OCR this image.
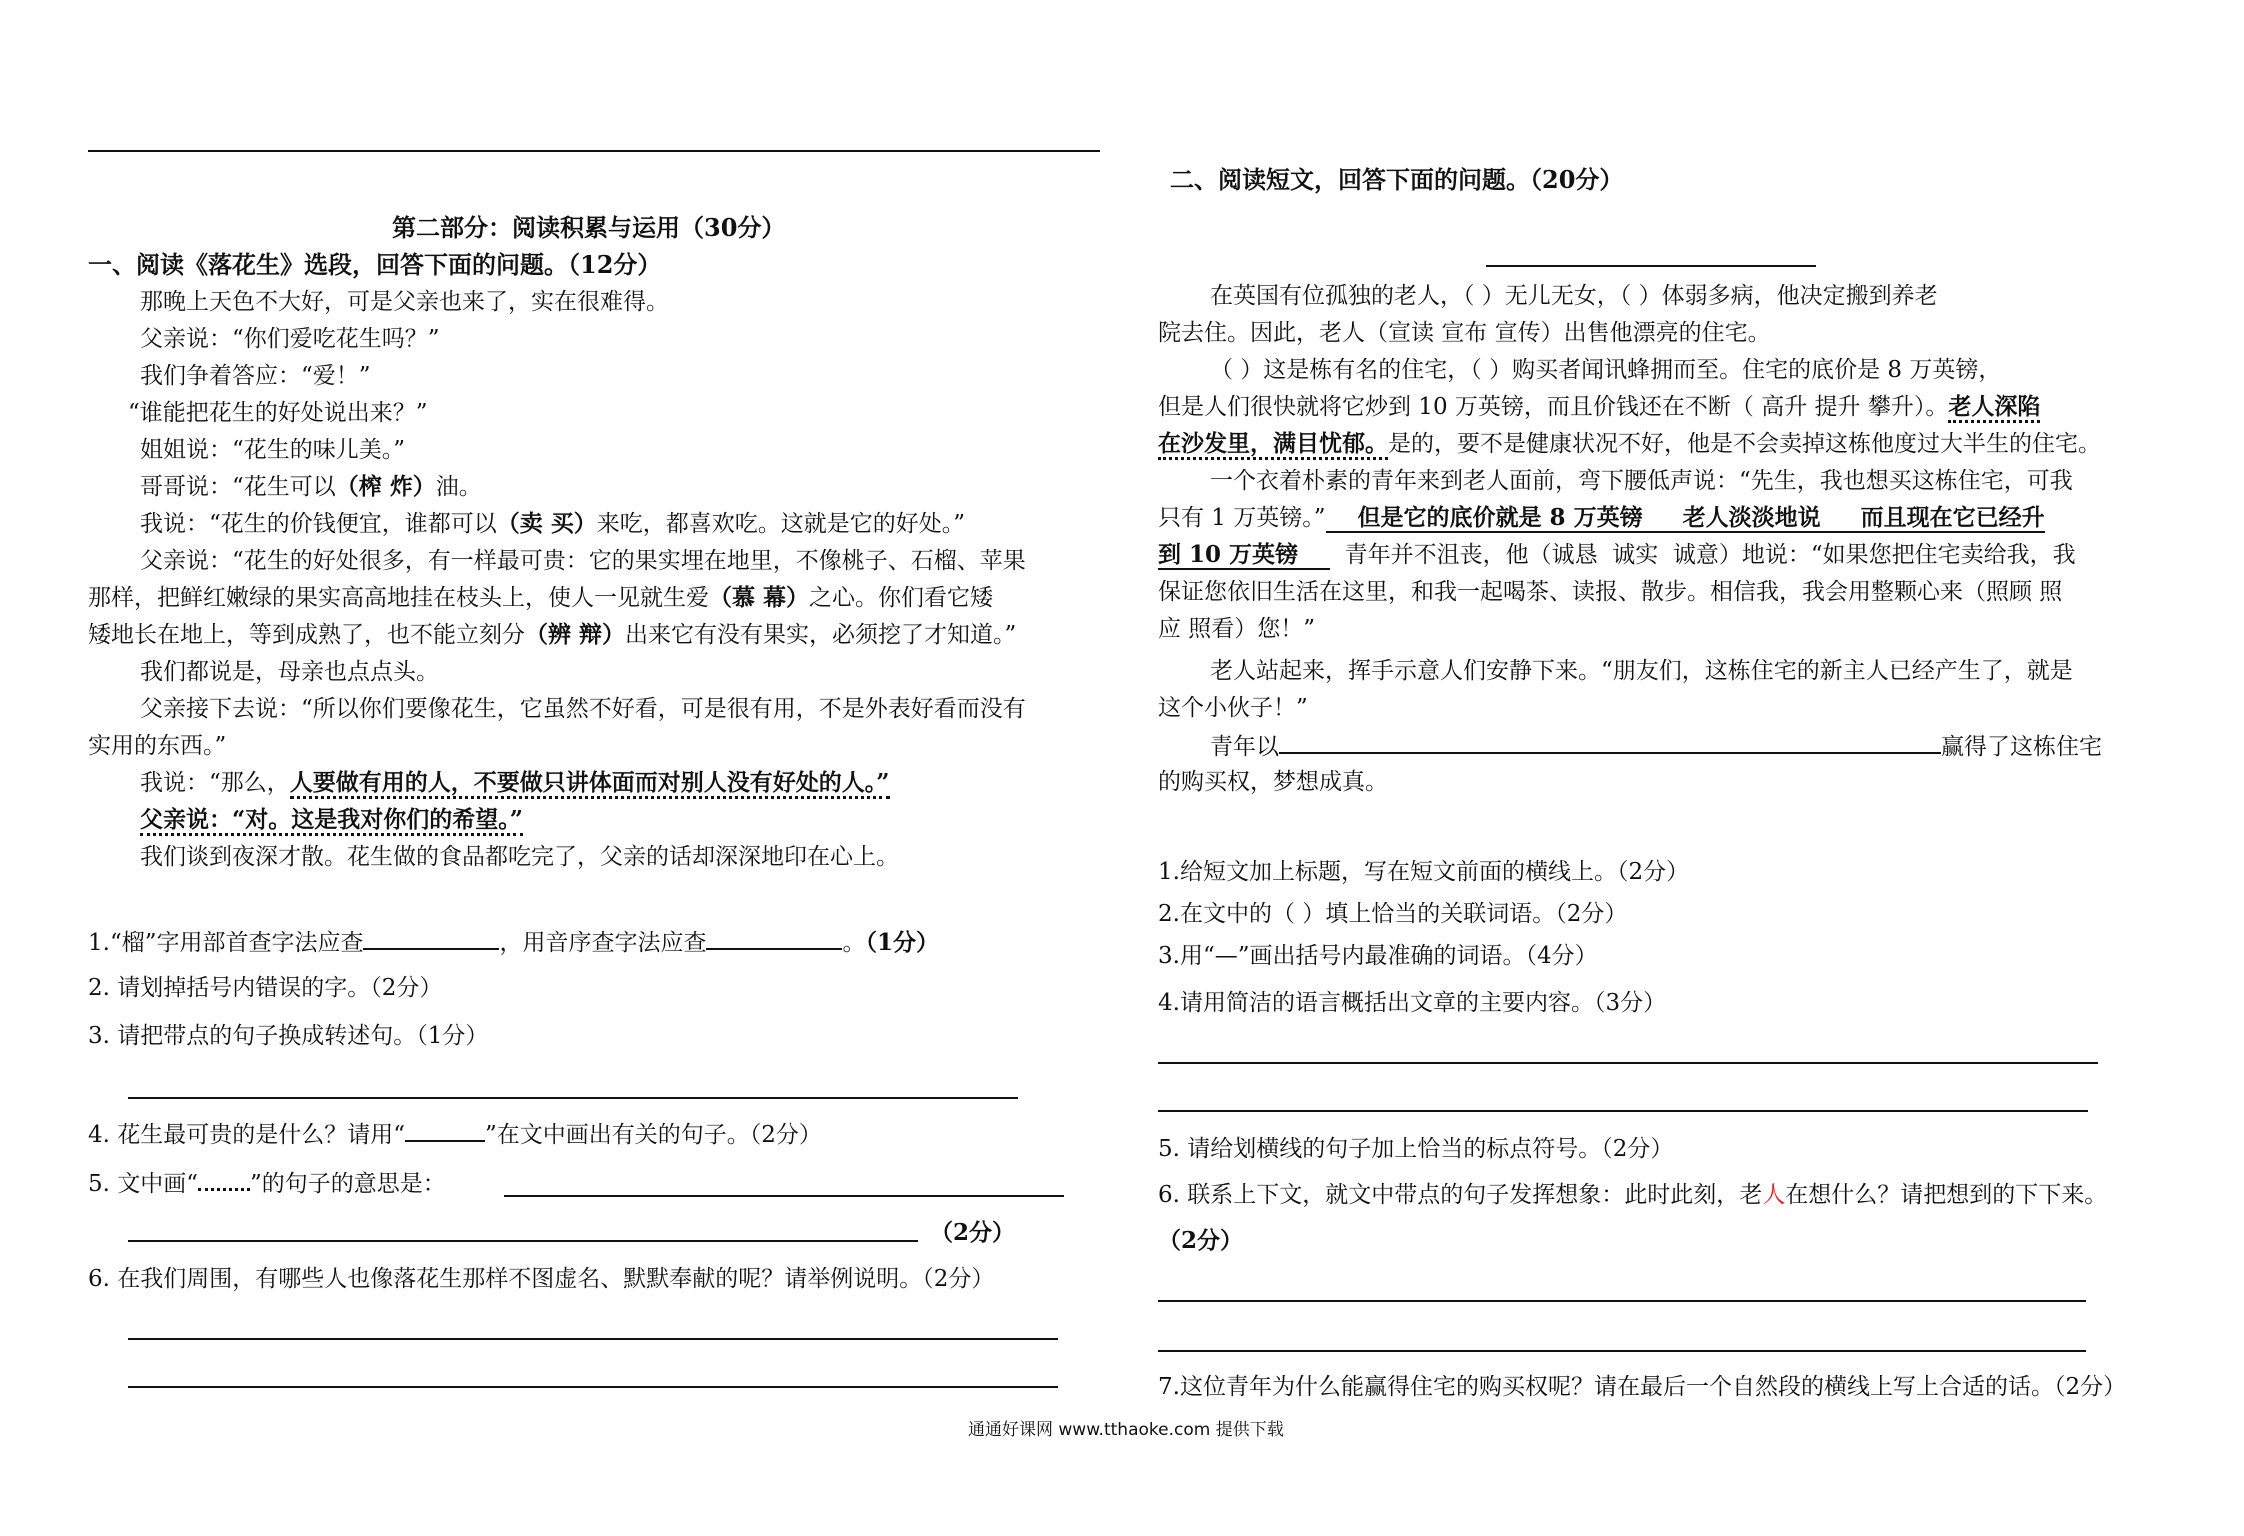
第二部分：阅读积累与运用（30分）
一、阅读《落花生》选段，回答下面的问题。（12分）
那晚上天色不大好，可是父亲也来了，实在很难得。
父亲说：“你们爱吃花生吗？”
我们争着答应：“爱！”
“谁能把花生的好处说出来？”
姐姐说：“花生的味儿美。”
哥哥说：“花生可以（榨 炸）油。
我说：“花生的价钱便宜，谁都可以（卖 买）来吃，都喜欢吃。这就是它的好处。”
父亲说：“花生的好处很多，有一样最可贵：它的果实埋在地里，不像桃子、石榴、苹果
那样，把鲜红嫩绿的果实高高地挂在枝头上，使人一见就生爱（慕 幕）之心。你们看它矮
矮地长在地上，等到成熟了，也不能立刻分（辨 辩）出来它有没有果实，必须挖了才知道。”
我们都说是，母亲也点点头。
父亲接下去说：“所以你们要像花生，它虽然不好看，可是很有用，不是外表好看而没有
实用的东西。”
我说：“那么，人要做有用的人，不要做只讲体面而对别人没有好处的人。”
父亲说：“对。这是我对你们的希望。”
我们谈到夜深才散。花生做的食品都吃完了，父亲的话却深深地印在心上。
1.“榴”字用部首查字法应查	，用音序查字法应查	。（1分）
2. 请划掉括号内错误的字。（2分）
3. 请把带点的句子换成转述句。（1分）
4. 花生最可贵的是什么？请用“	”在文中画出有关的句子。（2分）
5. 文中画“ ”的句子的意思是：
（2分）
6. 在我们周围，有哪些人也像落花生那样不图虚名、默默奉献的呢？请举例说明。（2分）
二、阅读短文，回答下面的问题。（20分）
在英国有位孤独的老人，（ ）无儿无女，（ ）体弱多病，他决定搬到养老
院去住。因此，老人（宣读 宣布 宣传）出售他漂亮的住宅。
（ ）这是栋有名的住宅，（ ）购买者闻讯蜂拥而至。住宅的底价是 8 万英镑，
但是人们很快就将它炒到 10 万英镑，而且价钱还在不断（ 高升 提升 攀升）。老人深陷
在沙发里，满目忧郁。是的，要不是健康状况不好，他是不会卖掉这栋他度过大半生的住宅。
一个衣着朴素的青年来到老人面前，弯下腰低声说：“先生，我也想买这栋住宅，可我
只有 1 万英镑。”    但是它的底价就是 8 万英镑     老人淡淡地说     而且现在它已经升
到 10 万英镑      青年并不沮丧，他（诚恳  诚实  诚意）地说：“如果您把住宅卖给我，我
保证您依旧生活在这里，和我一起喝茶、读报、散步。相信我，我会用整颗心来（照顾 照
应 照看）您！”
老人站起来，挥手示意人们安静下来。“朋友们，这栋住宅的新主人已经产生了，就是
这个小伙子！”
青年以	赢得了这栋住宅
的购买权，梦想成真。
1.给短文加上标题，写在短文前面的横线上。（2分）
2.在文中的（ ）填上恰当的关联词语。（2分）
3.用“—”画出括号内最准确的词语。（4分）
4.请用简洁的语言概括出文章的主要内容。（3分）
5. 请给划横线的句子加上恰当的标点符号。（2分）
6. 联系上下文，就文中带点的句子发挥想象：此时此刻，老人在想什么？请把想到的下下来。
（2分）
7.这位青年为什么能赢得住宅的购买权呢？请在最后一个自然段的横线上写上合适的话。（2分）
通通好课网 www.tthaoke.com 提供下载
